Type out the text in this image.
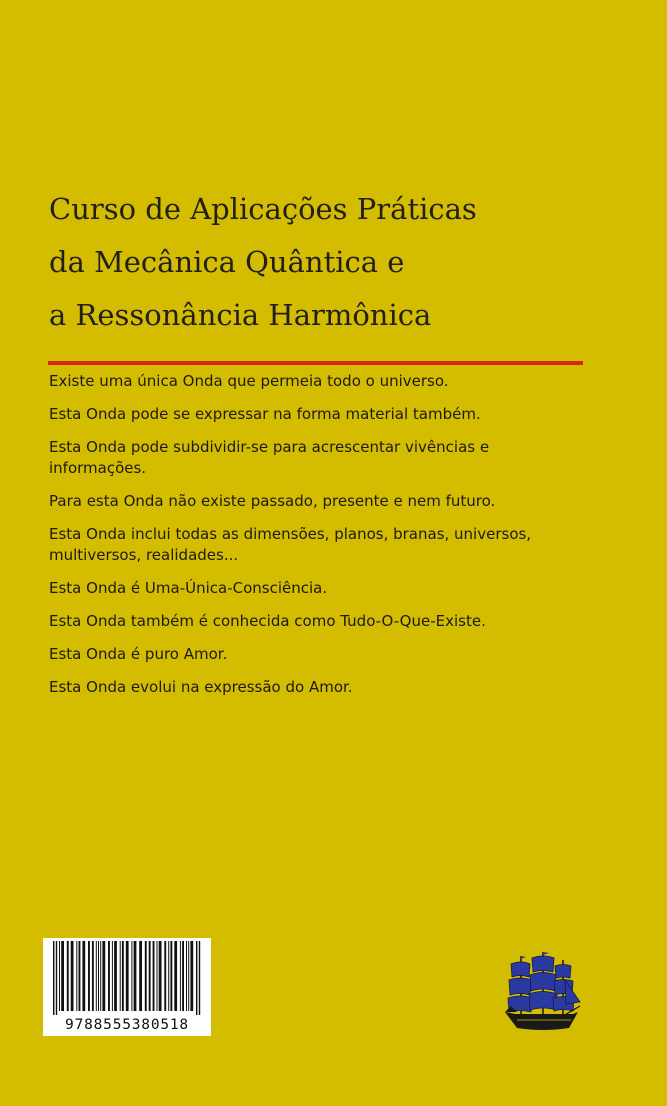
Curso de Aplicações Práticas
da Mecânica Quântica e
a Ressonância Harmônica

Existe uma única Onda que permeia todo o universo.

Esta Onda pode se expressar na forma material também.

Esta Onda pode subdividir-se para acrescentar vivências e informações.

Para esta Onda não existe passado, presente e nem futuro.

Esta Onda inclui todas as dimensões, planos, branas, universos, multiversos, realidades...

Esta Onda é Uma-Única-Consciência.

Esta Onda também é conhecida como Tudo-O-Que-Existe.

Esta Onda é puro Amor.

Esta Onda evolui na expressão do Amor.

9788555380518
